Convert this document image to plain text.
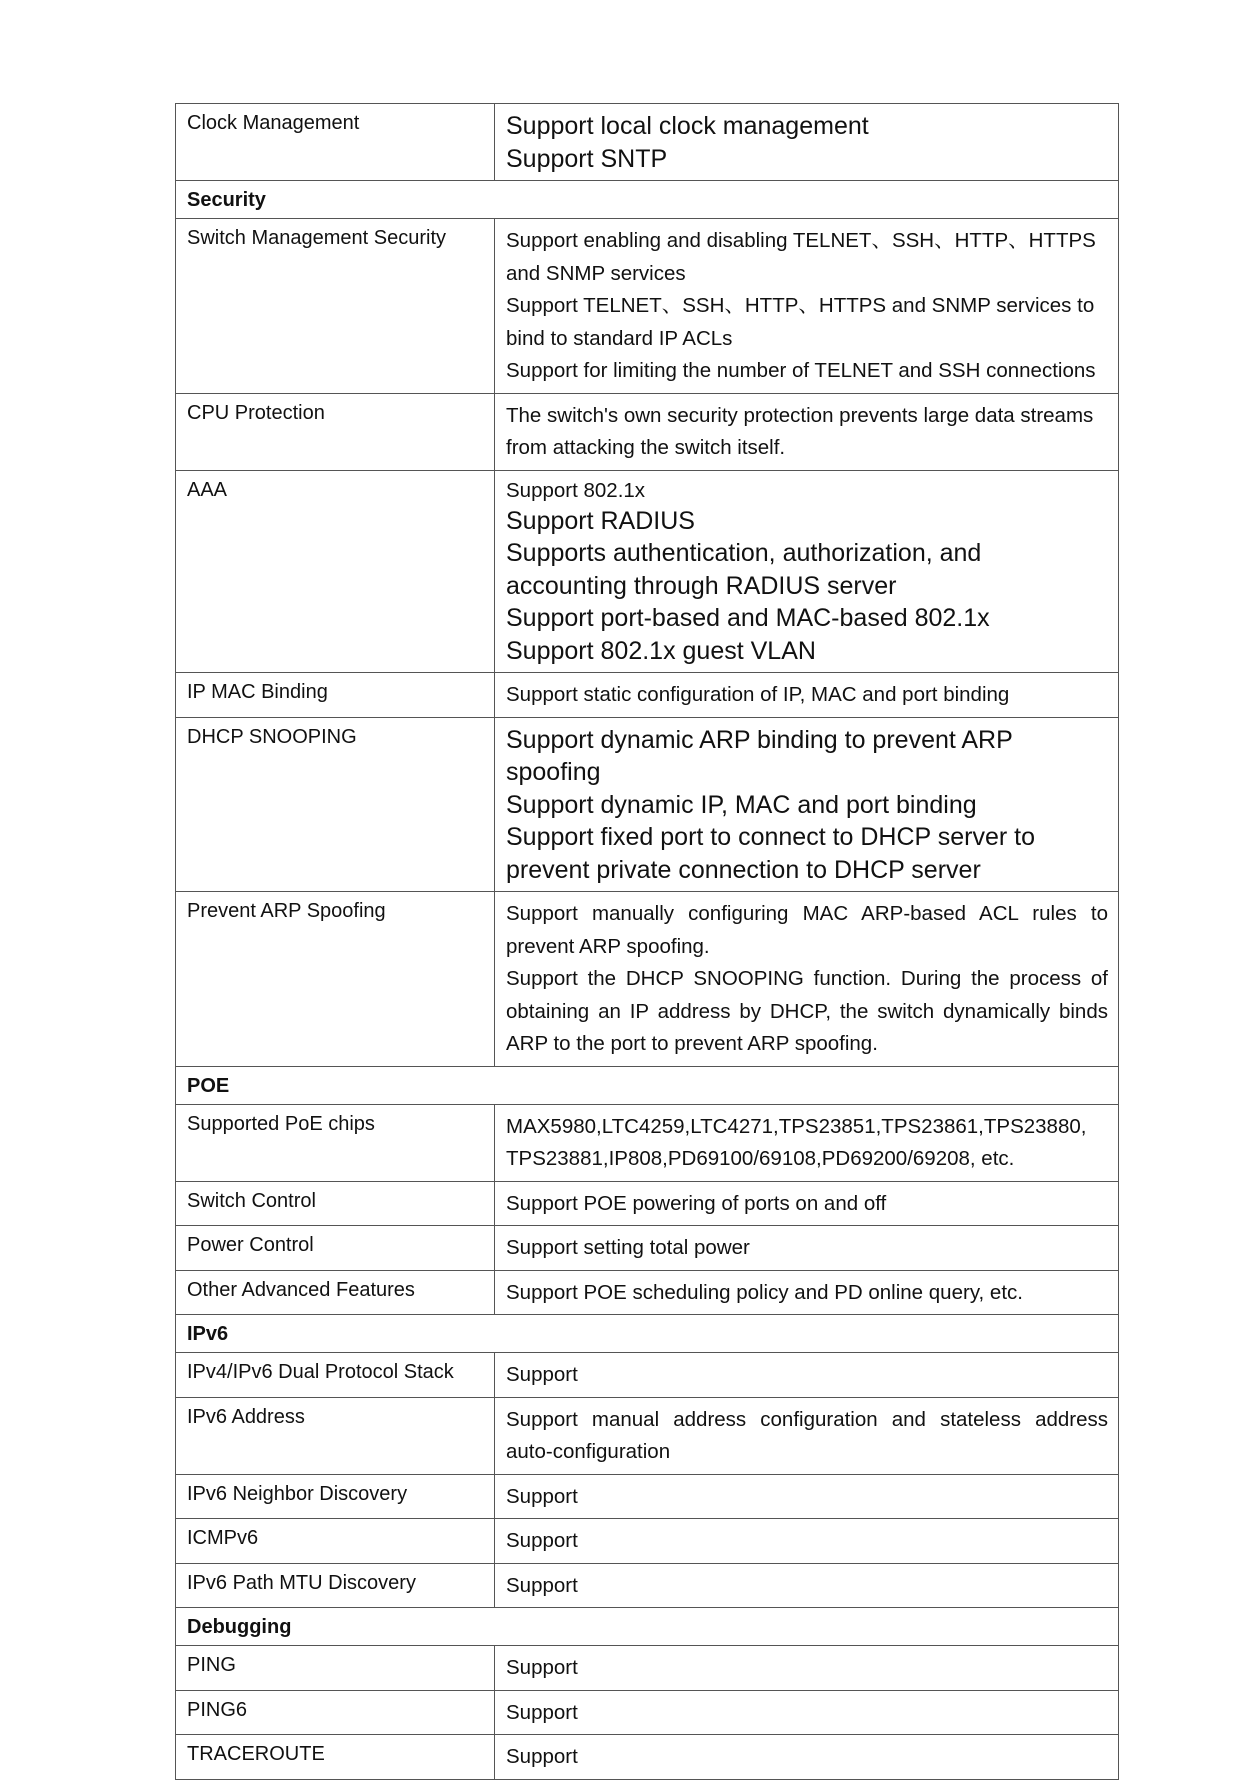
Clock Management	Support local clock management
Support SNTP

Security	
Switch Management Security	Support enabling and disabling TELNET、SSH、HTTP、HTTPS and SNMP services
Support TELNET、SSH、HTTP、HTTPS and SNMP services to bind to standard IP ACLs
Support for limiting the number of TELNET and SSH connections

CPU Protection	The switch's own security protection prevents large data streams from attacking the switch itself.

AAA	Support 802.1x
Support RADIUS
Supports authentication, authorization, and accounting through RADIUS server
Support port-based and MAC-based 802.1x
Support 802.1x guest VLAN

IP MAC Binding	Support static configuration of IP, MAC and port binding

DHCP SNOOPING	Support dynamic ARP binding to prevent ARP spoofing
Support dynamic IP, MAC and port binding
Support fixed port to connect to DHCP server to prevent private connection to DHCP server

Prevent ARP Spoofing	Support manually configuring MAC ARP-based ACL rules to prevent ARP spoofing.
Support the DHCP SNOOPING function. During the process of obtaining an IP address by DHCP, the switch dynamically binds ARP to the port to prevent ARP spoofing.

POE	
Supported PoE chips	MAX5980,LTC4259,LTC4271,TPS23851,TPS23861,TPS23880, TPS23881,IP808,PD69100/69108,PD69200/69208, etc.

Switch Control	Support POE powering of ports on and off

Power Control	Support setting total power

Other Advanced Features	Support POE scheduling policy and PD online query, etc.

IPv6	
IPv4/IPv6 Dual Protocol Stack	Support

IPv6 Address	Support manual address configuration and stateless address auto-configuration

IPv6 Neighbor Discovery	Support

ICMPv6	Support

IPv6 Path MTU Discovery	Support

Debugging	
PING	Support

PING6	Support

TRACEROUTE	Support
